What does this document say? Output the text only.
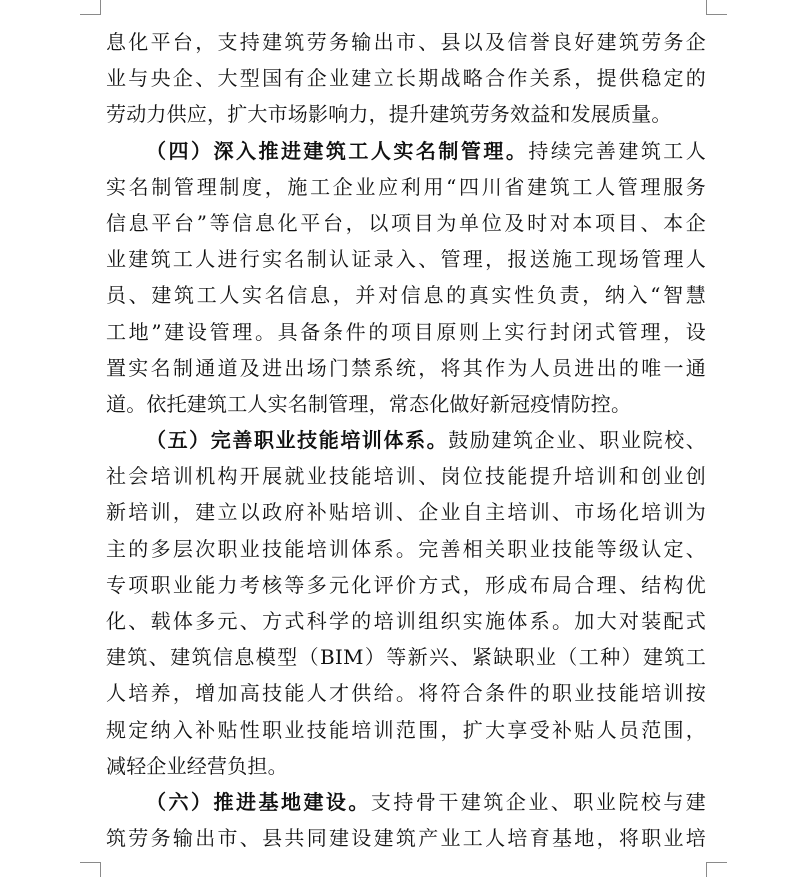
息化平台，支持建筑劳务输出市、县以及信誉良好建筑劳务企
业与央企、大型国有企业建立长期战略合作关系，提供稳定的
劳动力供应，扩大市场影响力，提升建筑劳务效益和发展质量。
（四）深入推进建筑工人实名制管理。持续完善建筑工人
实名制管理制度，施工企业应利用“四川省建筑工人管理服务
信息平台”等信息化平台，以项目为单位及时对本项目、本企
业建筑工人进行实名制认证录入、管理，报送施工现场管理人
员、建筑工人实名信息，并对信息的真实性负责，纳入“智慧
工地”建设管理。具备条件的项目原则上实行封闭式管理，设
置实名制通道及进出场门禁系统，将其作为人员进出的唯一通
道。依托建筑工人实名制管理，常态化做好新冠疫情防控。
（五）完善职业技能培训体系。鼓励建筑企业、职业院校、
社会培训机构开展就业技能培训、岗位技能提升培训和创业创
新培训，建立以政府补贴培训、企业自主培训、市场化培训为
主的多层次职业技能培训体系。完善相关职业技能等级认定、
专项职业能力考核等多元化评价方式，形成布局合理、结构优
化、载体多元、方式科学的培训组织实施体系。加大对装配式
建筑、建筑信息模型（BIM）等新兴、紧缺职业（工种）建筑工
人培养，增加高技能人才供给。将符合条件的职业技能培训按
规定纳入补贴性职业技能培训范围，扩大享受补贴人员范围，
减轻企业经营负担。
（六）推进基地建设。支持骨干建筑企业、职业院校与建
筑劳务输出市、县共同建设建筑产业工人培育基地，将职业培
